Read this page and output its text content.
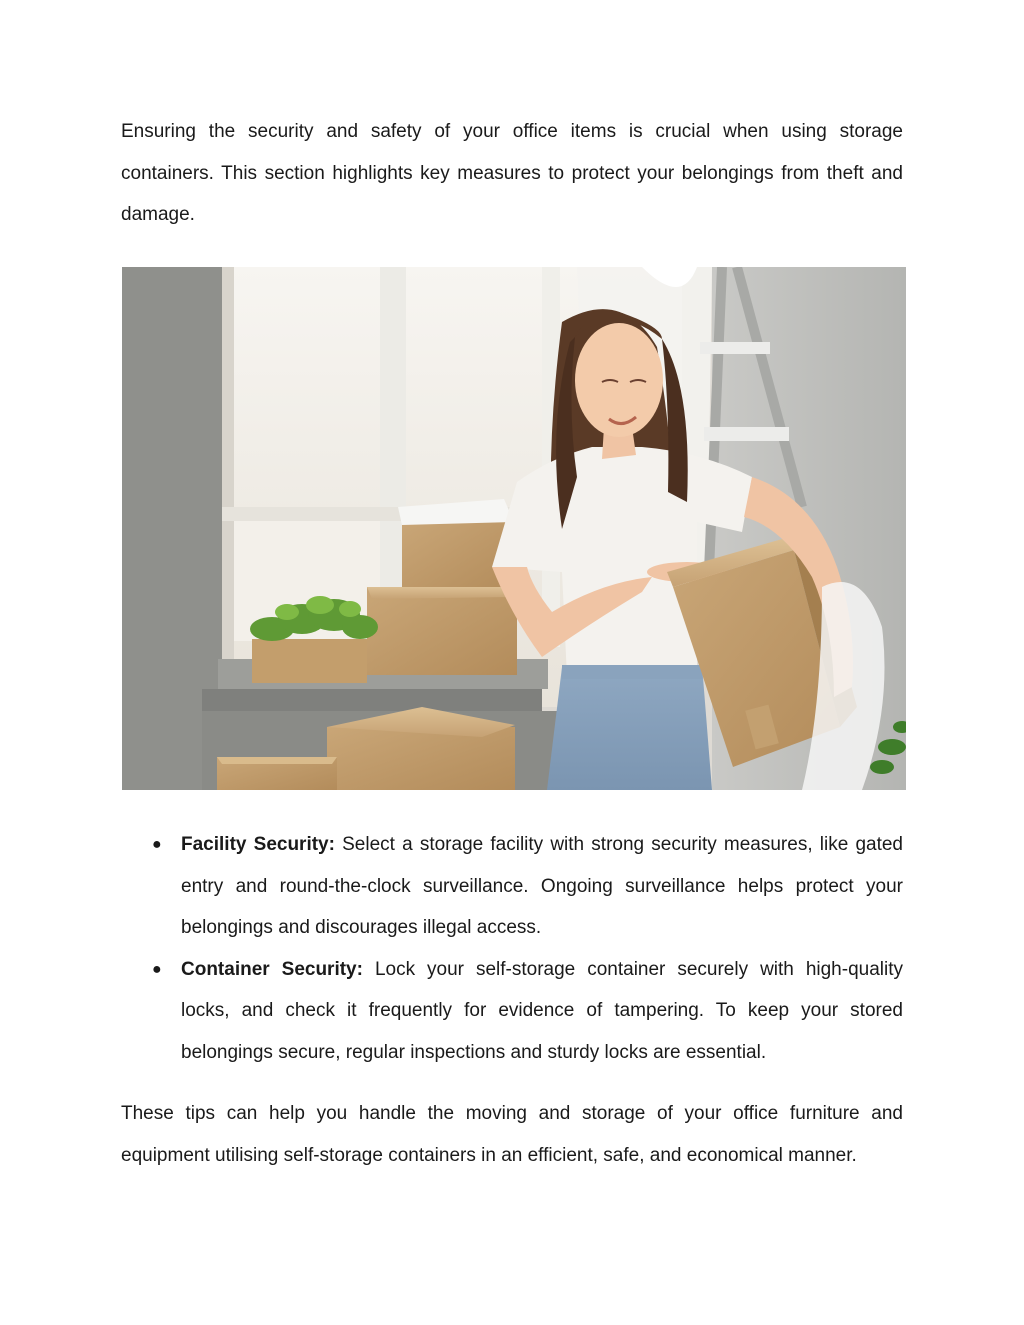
Ensuring the security and safety of your office items is crucial when using storage containers. This section highlights key measures to protect your belongings from theft and damage.

● Facility Security: Select a storage facility with strong security measures, like gated entry and round-the-clock surveillance. Ongoing surveillance helps protect your belongings and discourages illegal access.
● Container Security: Lock your self-storage container securely with high-quality locks, and check it frequently for evidence of tampering. To keep your stored belongings secure, regular inspections and sturdy locks are essential.

These tips can help you handle the moving and storage of your office furniture and equipment utilising self-storage containers in an efficient, safe, and economical manner.
